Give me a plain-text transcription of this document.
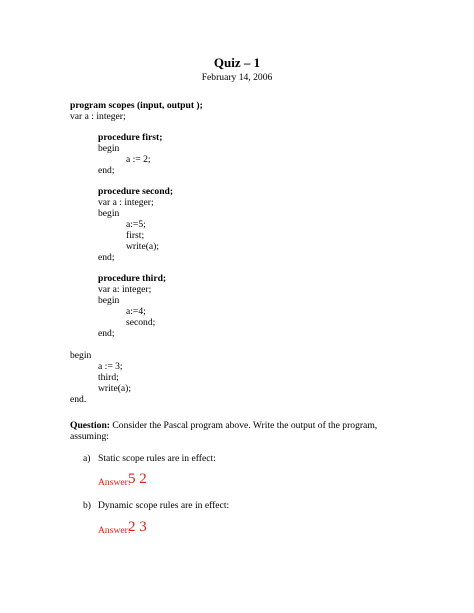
Quiz – 1
February 14, 2006
program scopes (input, output );
var a : integer;
procedure first;
begin
a := 2;
end;
procedure second;
var a : integer;
begin
a:=5;
first;
write(a);
end;
procedure third;
var a: integer;
begin
a:=4;
second;
end;
begin
a := 3;
third;
write(a);
end.
Question: Consider the Pascal program above. Write the output of the program,
assuming:
a) Static scope rules are in effect:
Answer:
5 2
b) Dynamic scope rules are in effect:
Answer:
2 3
